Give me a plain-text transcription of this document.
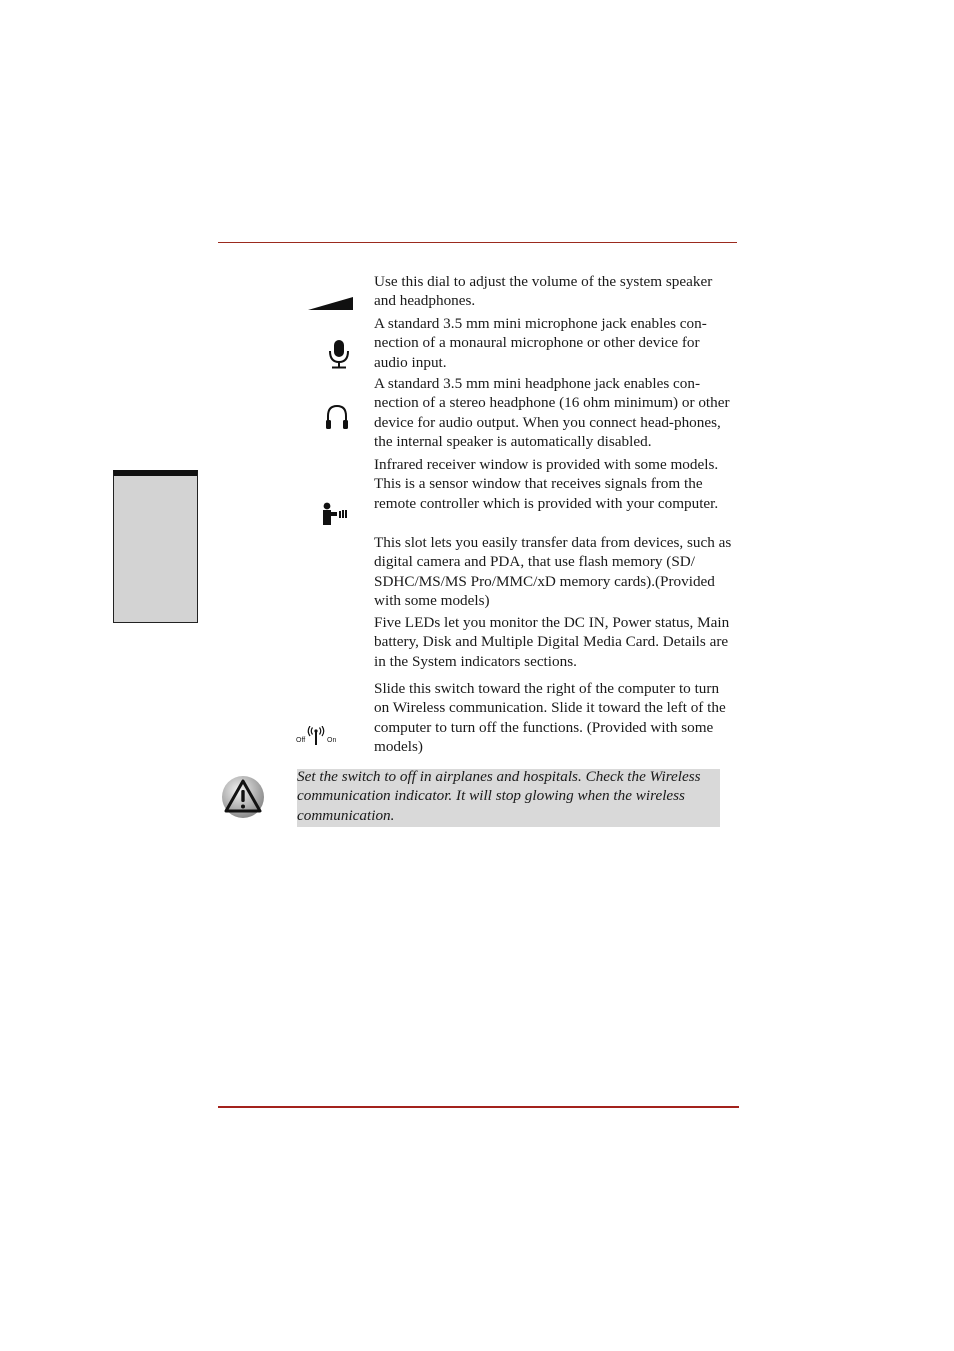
Use this dial to adjust the volume of the system speaker and headphones.

A standard 3.5 mm mini microphone jack enables con-nection of a monaural microphone or other device for audio input.

A standard 3.5 mm mini headphone jack enables con-nection of a stereo headphone (16 ohm minimum) or other device for audio output. When you connect head-phones, the internal speaker is automatically disabled.

Infrared receiver window is provided with some models. This is a sensor window that receives signals from the remote controller which is provided with your computer.

This slot lets you easily transfer data from devices, such as digital camera and PDA, that use flash memory (SD/ SDHC/MS/MS Pro/MMC/xD memory cards).(Provided with some models)

Five LEDs let you monitor the DC IN, Power status, Main battery, Disk and Multiple Digital Media Card. Details are in the System indicators sections.

Off	On

Slide this switch toward the right of the computer to turn on Wireless communication. Slide it toward the left of the computer to turn off the functions. (Provided with some models)

Set the switch to off in airplanes and hospitals. Check the Wireless communication indicator. It will stop glowing when the wireless communication.
